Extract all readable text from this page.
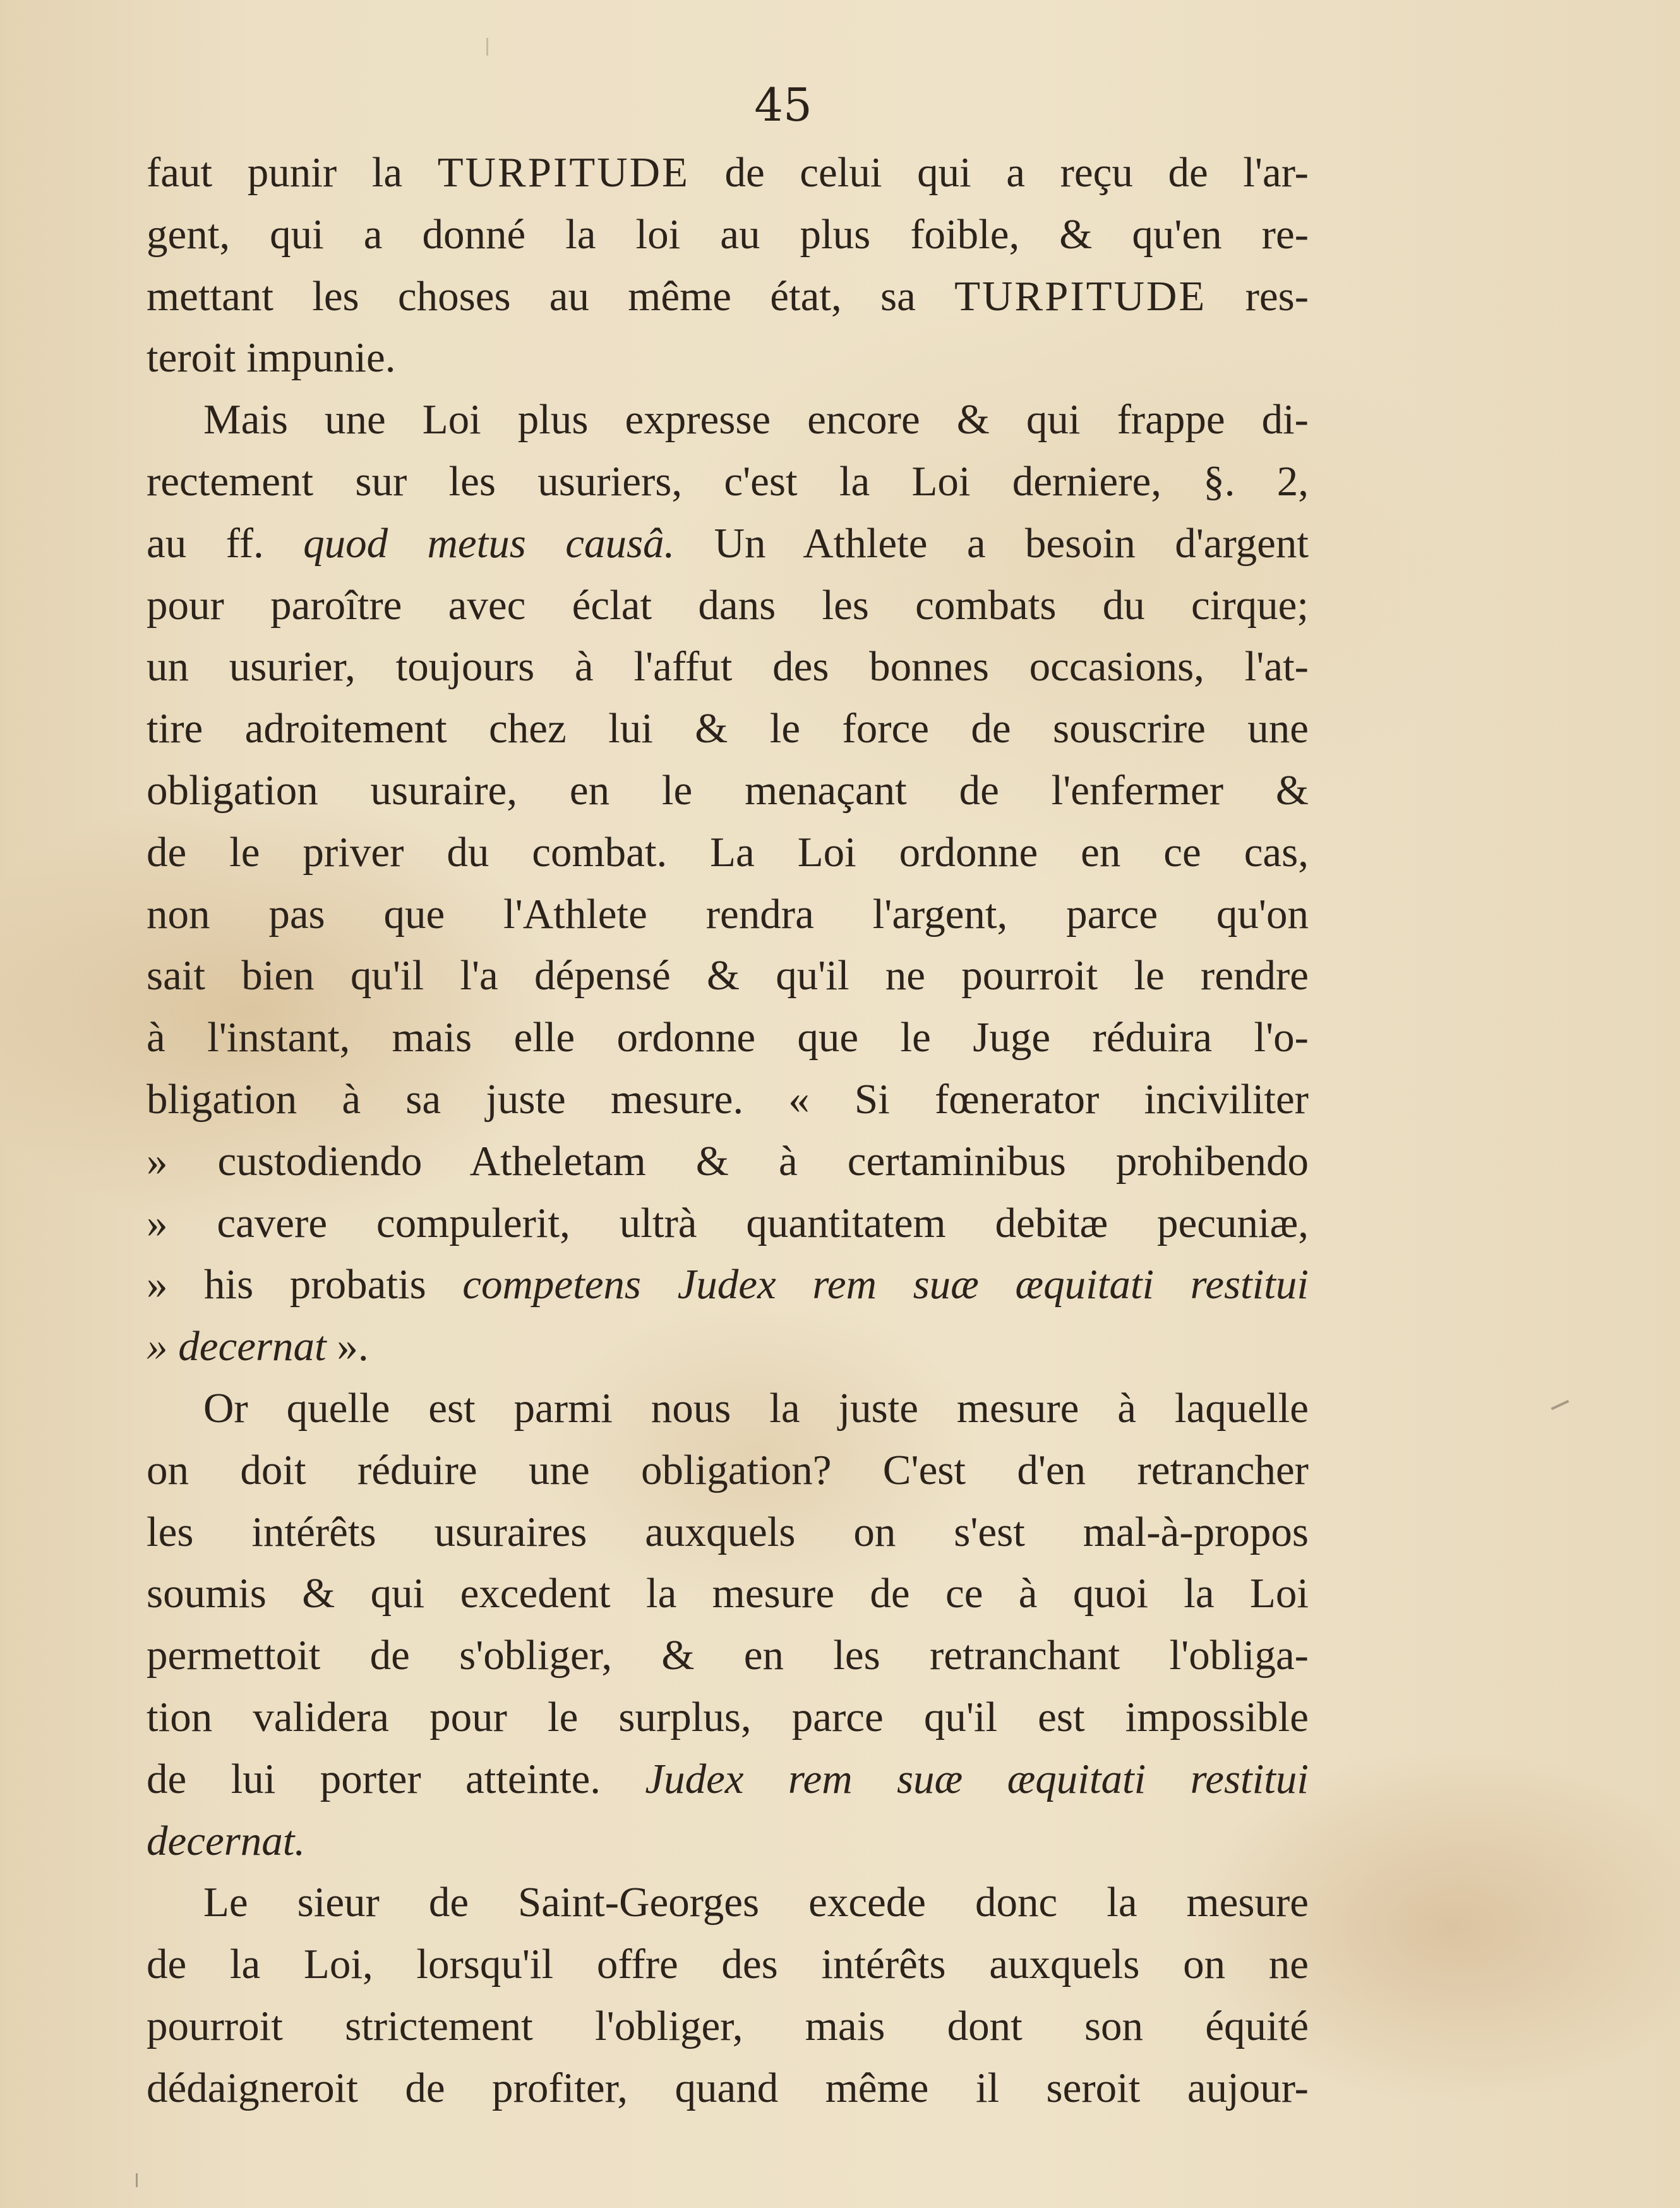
45
faut punir la TURPITUDE de celui qui a reçu de l'ar-
gent, qui a donné la loi au plus foible, & qu'en re-
mettant les choses au même état, sa TURPITUDE res-
teroit impunie.
Mais une Loi plus expresse encore & qui frappe di-
rectement sur les usuriers, c'est la Loi derniere, §. 2,
au ff. quod metus causâ. Un Athlete a besoin d'argent
pour paroître avec éclat dans les combats du cirque;
un usurier, toujours à l'affut des bonnes occasions, l'at-
tire adroitement chez lui & le force de souscrire une
obligation usuraire, en le menaçant de l'enfermer &
de le priver du combat. La Loi ordonne en ce cas,
non pas que l'Athlete rendra l'argent, parce qu'on
sait bien qu'il l'a dépensé & qu'il ne pourroit le rendre
à l'instant, mais elle ordonne que le Juge réduira l'o-
bligation à sa juste mesure. « Si fœnerator inciviliter
» custodiendo Atheletam & à certaminibus prohibendo
» cavere compulerit, ultrà quantitatem debitæ pecuniæ,
» his probatis competens Judex rem suæ æquitati restitui
» decernat ».
Or quelle est parmi nous la juste mesure à laquelle
on doit réduire une obligation? C'est d'en retrancher
les intérêts usuraires auxquels on s'est mal-à-propos
soumis & qui excedent la mesure de ce à quoi la Loi
permettoit de s'obliger, & en les retranchant l'obliga-
tion validera pour le surplus, parce qu'il est impossible
de lui porter atteinte. Judex rem suæ æquitati restitui
decernat.
Le sieur de Saint-Georges excede donc la mesure
de la Loi, lorsqu'il offre des intérêts auxquels on ne
pourroit strictement l'obliger, mais dont son équité
dédaigneroit de profiter, quand même il seroit aujour-
